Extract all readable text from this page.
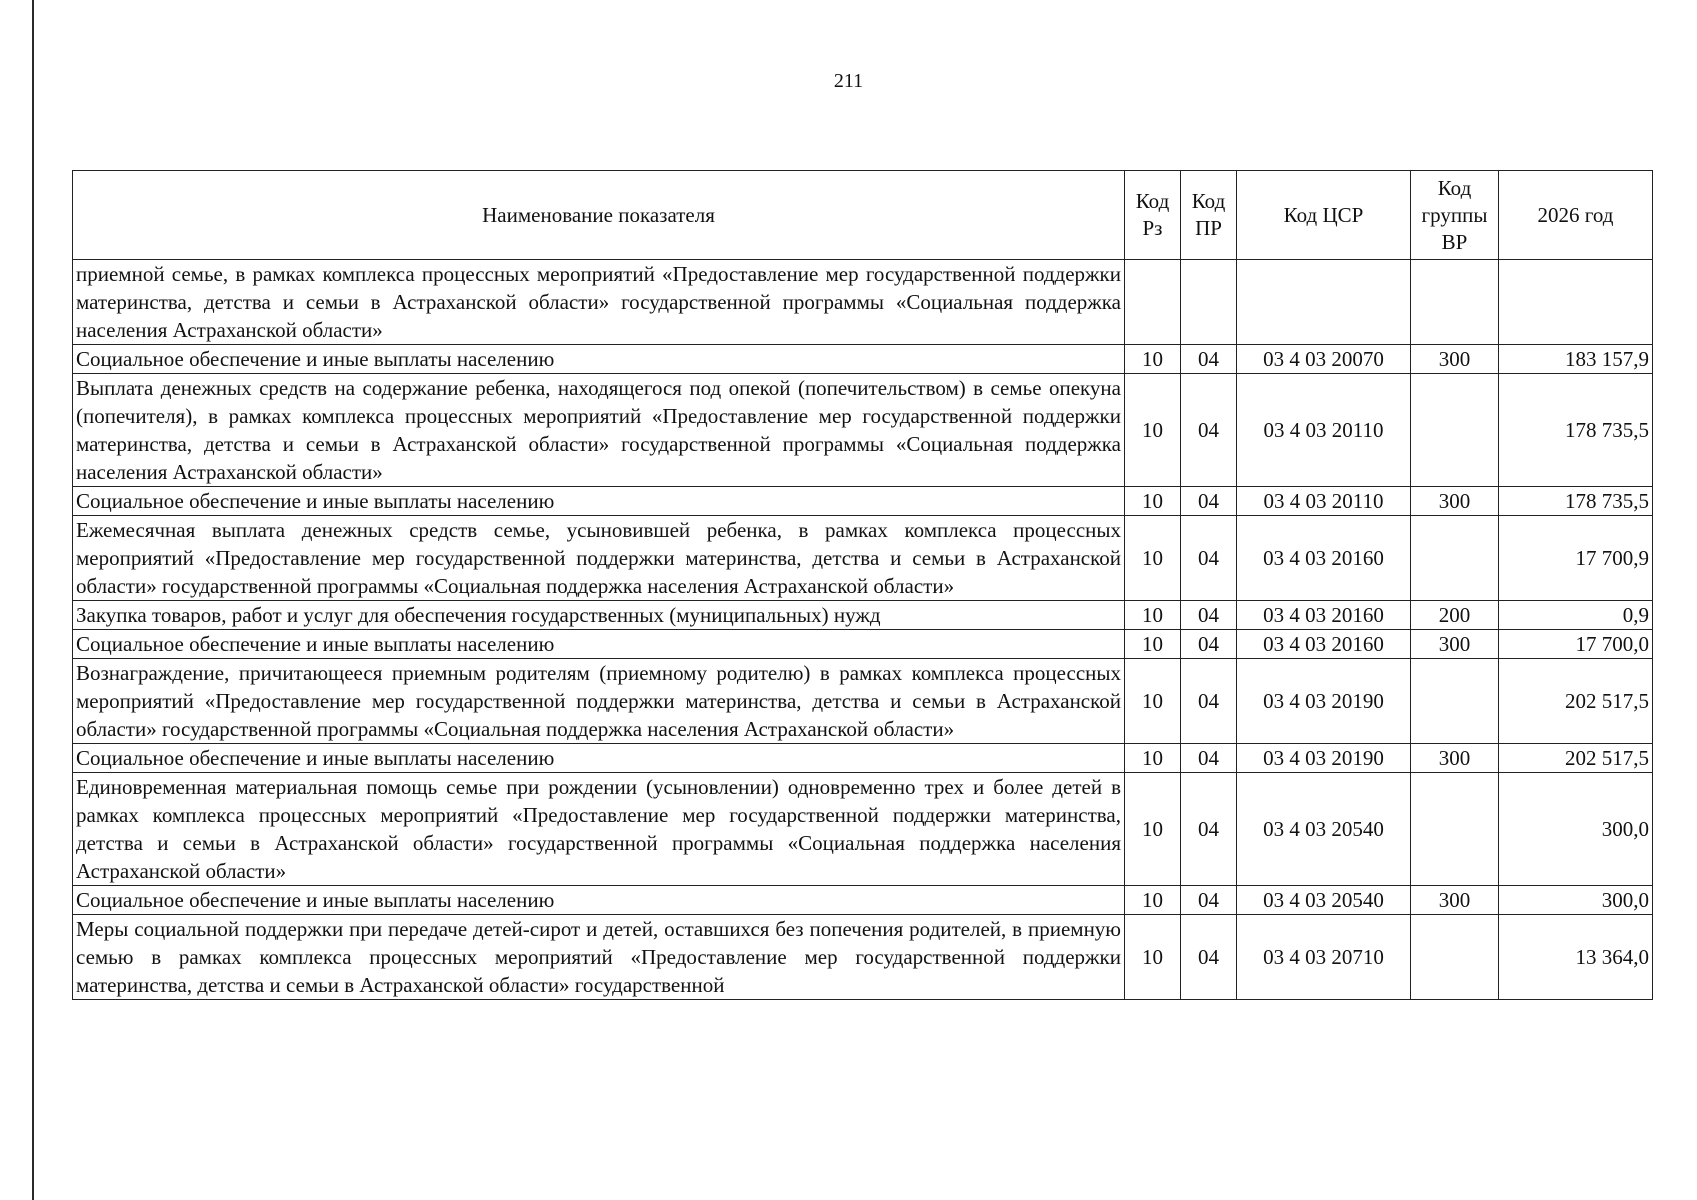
211
Наименование показателя	Код Рз	Код ПР	Код ЦСР	Код группы ВР	2026 год
приемной семье, в рамках комплекса процессных мероприятий «Предоставление мер государственной поддержки материнства, детства и семьи в Астраханской области» государственной программы «Социальная поддержка населения Астраханской области»					
Социальное обеспечение и иные выплаты населению	10	04	03 4 03 20070	300	183 157,9
Выплата денежных средств на содержание ребенка, находящегося под опекой (попечительством) в семье опекуна (попечителя), в рамках комплекса процессных мероприятий «Предоставление мер государственной поддержки материнства, детства и семьи в Астраханской области» государственной программы «Социальная поддержка населения Астраханской области»	10	04	03 4 03 20110		178 735,5
Социальное обеспечение и иные выплаты населению	10	04	03 4 03 20110	300	178 735,5
Ежемесячная выплата денежных средств семье, усыновившей ребенка, в рамках комплекса процессных мероприятий «Предоставление мер государственной поддержки материнства, детства и семьи в Астраханской области» государственной программы «Социальная поддержка населения Астраханской области»	10	04	03 4 03 20160		17 700,9
Закупка товаров, работ и услуг для обеспечения государственных (муниципальных) нужд	10	04	03 4 03 20160	200	0,9
Социальное обеспечение и иные выплаты населению	10	04	03 4 03 20160	300	17 700,0
Вознаграждение, причитающееся приемным родителям (приемному родителю) в рамках комплекса процессных мероприятий «Предоставление мер государственной поддержки материнства, детства и семьи в Астраханской области» государственной программы «Социальная поддержка населения Астраханской области»	10	04	03 4 03 20190		202 517,5
Социальное обеспечение и иные выплаты населению	10	04	03 4 03 20190	300	202 517,5
Единовременная материальная помощь семье при рождении (усыновлении) одновременно трех и более детей в рамках комплекса процессных мероприятий «Предоставление мер государственной поддержки материнства, детства и семьи в Астраханской области» государственной программы «Социальная поддержка населения Астраханской области»	10	04	03 4 03 20540		300,0
Социальное обеспечение и иные выплаты населению	10	04	03 4 03 20540	300	300,0
Меры социальной поддержки при передаче детей-сирот и детей, оставшихся без попечения родителей, в приемную семью в рамках комплекса процессных мероприятий «Предоставление мер государственной поддержки материнства, детства и семьи в Астраханской области» государственной	10	04	03 4 03 20710		13 364,0
